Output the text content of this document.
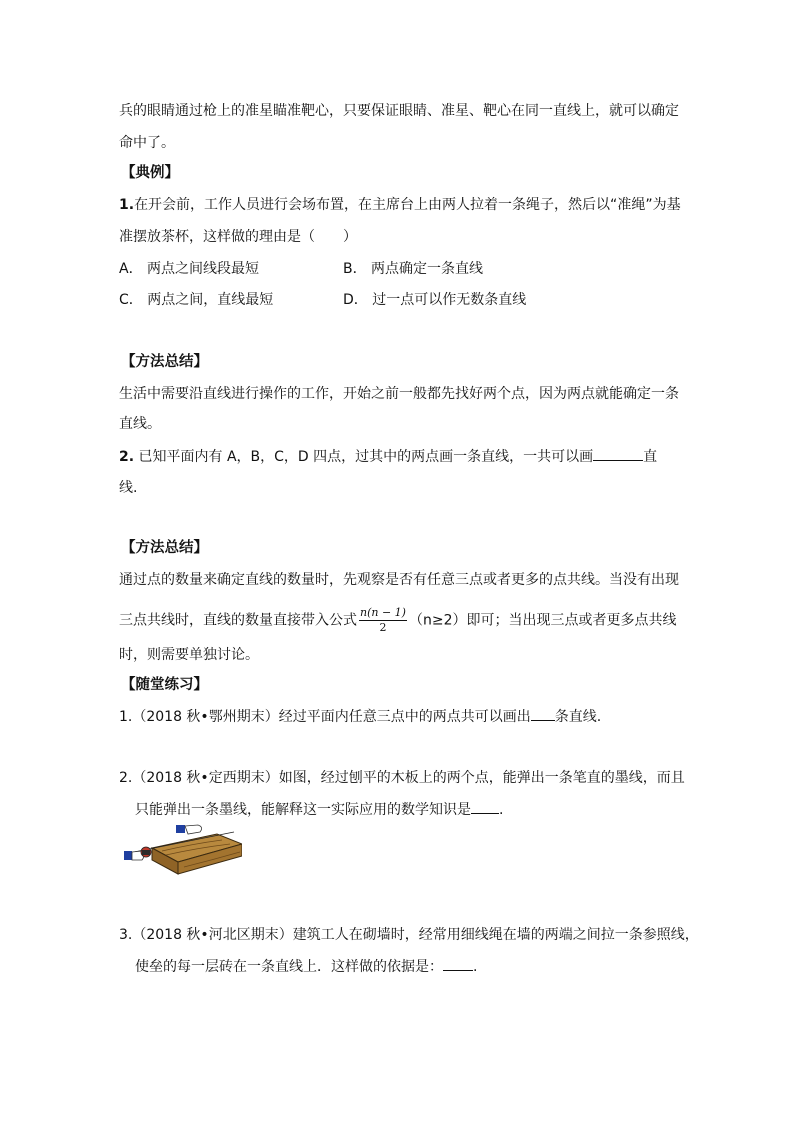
兵的眼睛通过枪上的准星瞄准靶心，只要保证眼睛、准星、靶心在同一直线上，就可以确定
命中了。
【典例】
1.在开会前，工作人员进行会场布置，在主席台上由两人拉着一条绳子，然后以“准绳”为基
准摆放茶杯，这样做的理由是（　　）
A． 两点之间线段最短	B． 两点确定一条直线
C． 两点之间，直线最短	D． 过一点可以作无数条直线
【方法总结】
生活中需要沿直线进行操作的工作，开始之前一般都先找好两个点，因为两点就能确定一条
直线。
2. 已知平面内有 A，B，C，D 四点，过其中的两点画一条直线，一共可以画	直
线.
【方法总结】
通过点的数量来确定直线的数量时，先观察是否有任意三点或者更多的点共线。当没有出现
三点共线时，直线的数量直接带入公式 $\frac{n(n - 1)}{2} (n\ge 2)$即可；当出现三点或者更多点共线
时，则需要单独讨论。
【随堂练习】
1.（2018 秋•鄂州期末）经过平面内任意三点中的两点共可以画出 条直线.
2.（2018 秋•定西期末）如图，经过刨平的木板上的两个点，能弹出一条笔直的墨线，而且
只能弹出一条墨线，能解释这一实际应用的数学知识是 .
3.（2018 秋•河北区期末）建筑工人在砌墙时，经常用细线绳在墙的两端之间拉一条参照线，
使垒的每一层砖在一条直线上．这样做的依据是： .
